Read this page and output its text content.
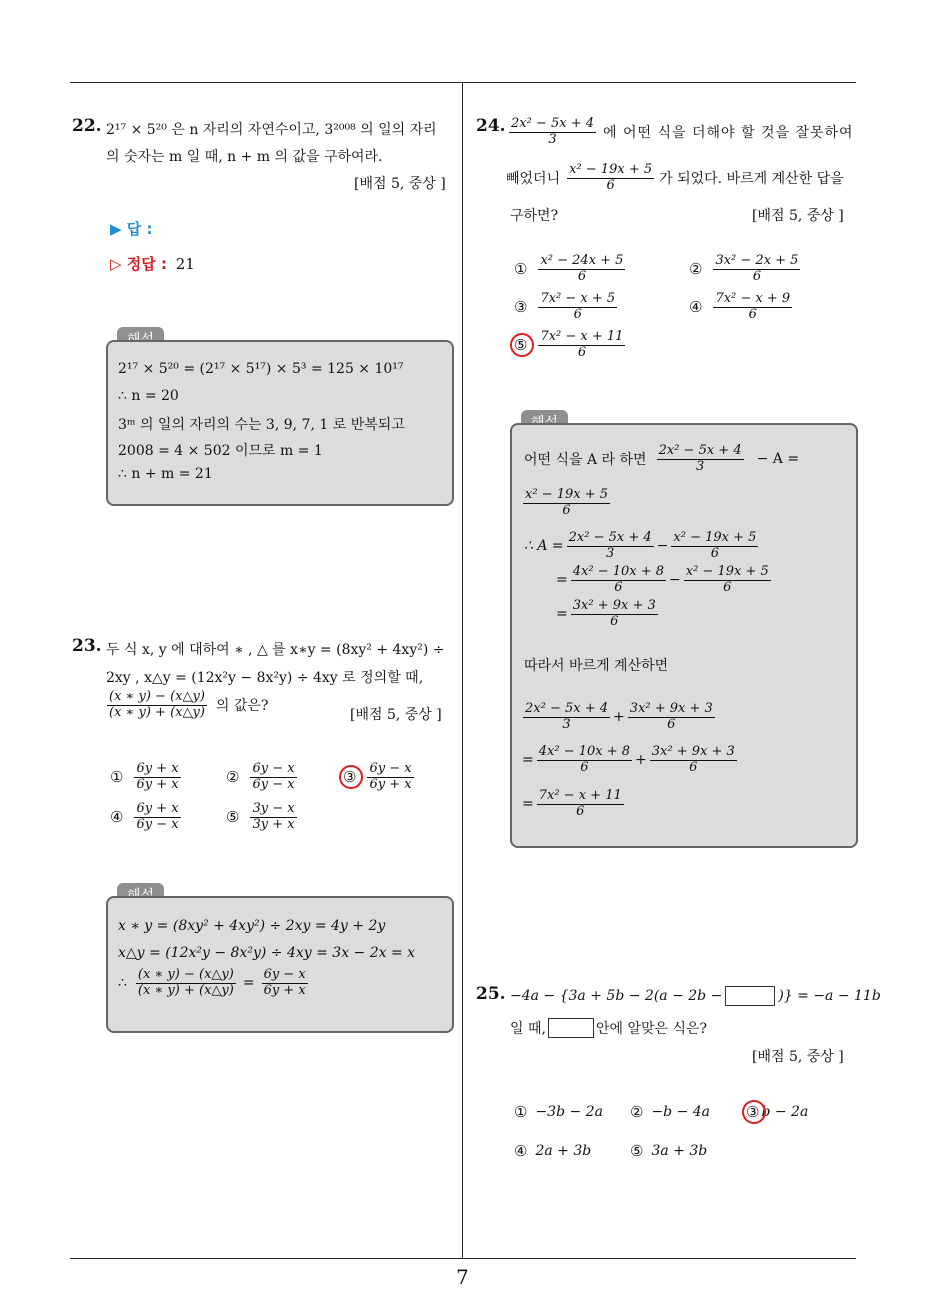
7
22. 2¹⁷ × 5²⁰ 은 n 자리의 자연수이고, 3²⁰⁰⁸ 의 일의 자리
의 숫자는 m 일 때, n + m 의 값을 구하여라.
[배점 5, 중상 ]
▶ 답 :
▷ 정답 : 21
2¹⁷ × 5²⁰ = (2¹⁷ × 5¹⁷) × 5³ = 125 × 10¹⁷
∴ n = 20
3ᵐ 의 일의 자리의 수는 3, 9, 7, 1 로 반복되고
2008 = 4 × 502 이므로 m = 1
∴ n + m = 21
23. 두 식 x, y 에 대하여 ∗ , △ 를 x∗y = (8xy² + 4xy²) ÷
2xy , x△y = (12x²y − 8x²y) ÷ 4xy 로 정의할 때,
$\frac{(x ∗ y) - (x\triangle y)}{(x ∗ y) + (x\triangle y)}$ 의 값은?
[배점 5, 중상 ]
① $\frac{6y + x}{6y + x}$	② $\frac{6y - x}{6y - x}$	③ $\frac{6y - x}{6y + x}$
④ $\frac{6y + x}{6y - x}$	⑤ $\frac{3y - x}{3y + x}$
x ∗ y = (8xy² + 4xy²) ÷ 2xy = 4y + 2y
x△y = (12x²y − 8x²y) ÷ 4xy = 3x − 2x = x
∴ $\frac{(x ∗ y) - (x\triangle y)}{(x ∗ y) + (x\triangle y)} = \frac{6y - x}{6y + x}$
24. $\frac{\text{2x² − 5x + 4}}{3}$ 에 어떤 식을 더해야 할 것을 잘못하여
빼었더니 $\frac{\text{x² − 19x + 5}}{6}$ 가 되었다. 바르게 계산한 답을
구하면?	[배점 5, 중상 ]
① $\frac{\text{x² − 24x + 5}}{6}$	② $\frac{\text{3x² − 2x + 5}}{6}$
③ $\frac{\text{7x² − x + 5}}{6}$	④ $\frac{\text{7x² − x + 9}}{6}$
⑤ $\frac{\text{7x² − x + 11}}{6}$
어떤 식을 A 라 하면 $\frac{\text{2x² − 5x + 4}}{3} - A$ =
$\frac{\text{x² − 19x + 5}}{6}$
∴ $A = \frac{\text{2x² − 5x + 4}}{3} - \frac{\text{x² − 19x + 5}}{6}$
= $\frac{\text{4x² − 10x + 8}}{6} - \frac{\text{x² − 19x + 5}}{6}$
= $\frac{\text{3x² + 9x + 3}}{6}$
따라서 바르게 계산하면
$\frac{\text{2x² − 5x + 4}}{3} + \frac{\text{3x² + 9x + 3}}{6}$
= $\frac{\text{4x² − 10x + 8}}{6} + \frac{\text{3x² + 9x + 3}}{6}$
= $\frac{\text{7x² − x + 11}}{6}$
25. −4a − {3a + 5b − 2(a − 2b −	)} = −a − 11b
일 때,	안에 알맞은 식은?
[배점 5, 중상 ]
① −3b − 2a ② −b − 4a ③ b − 2a
④ 2a + 3b	⑤ 3a + 3b
